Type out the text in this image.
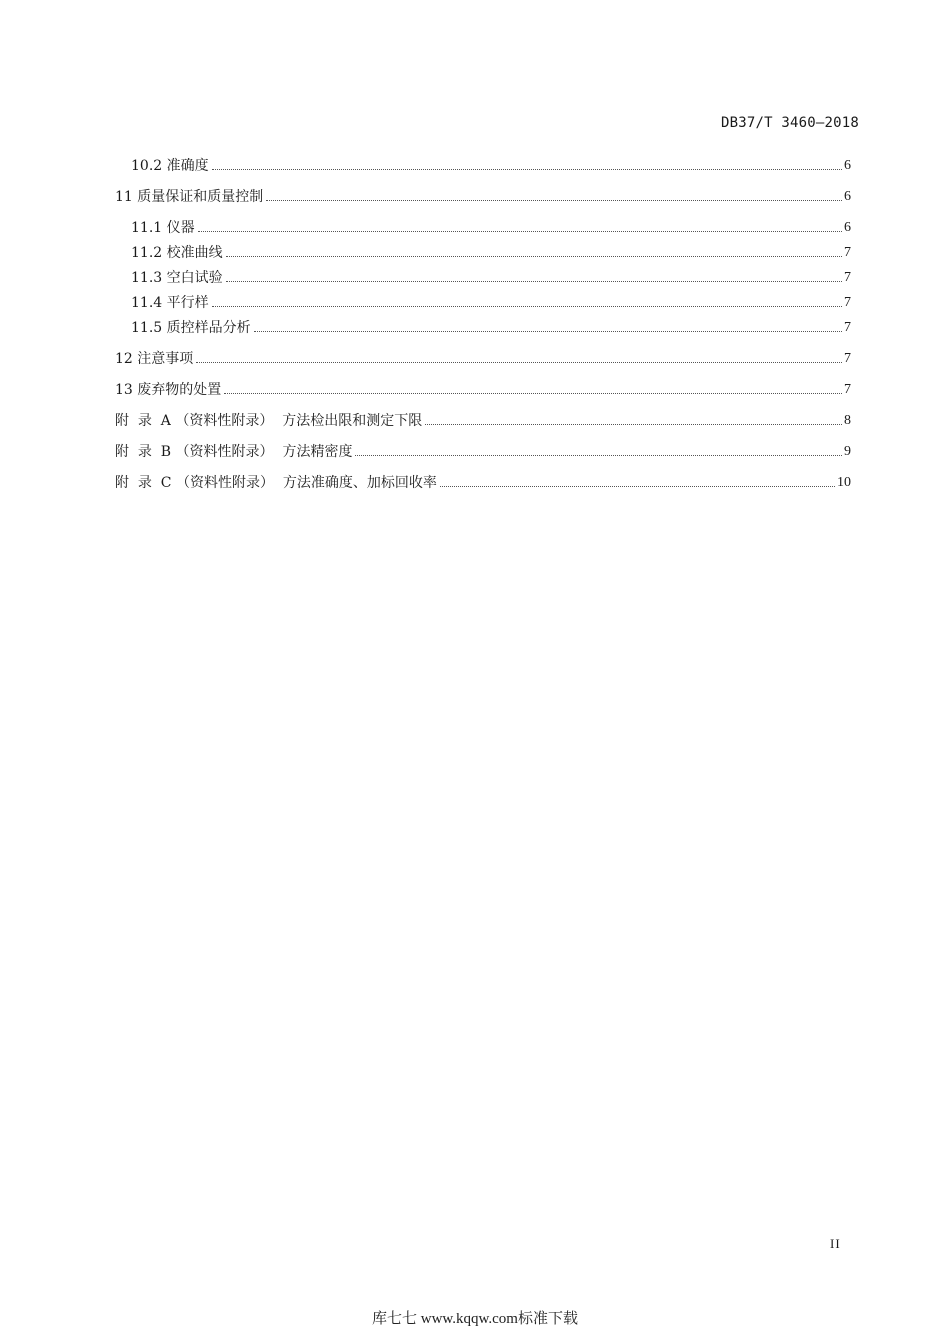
DB37/T 3460—2018
10.2 准确度	6
11 质量保证和质量控制	6
11.1 仪器	6
11.2 校准曲线	7
11.3 空白试验	7
11.4 平行样	7
11.5 质控样品分析	7
12 注意事项	7
13 废弃物的处置	7
附  录  A （资料性附录）  方法检出限和测定下限	8
附  录  B （资料性附录）  方法精密度	9
附  录  C （资料性附录）  方法准确度、加标回收率	10
II
库七七 www.kqqw.com标准下载
